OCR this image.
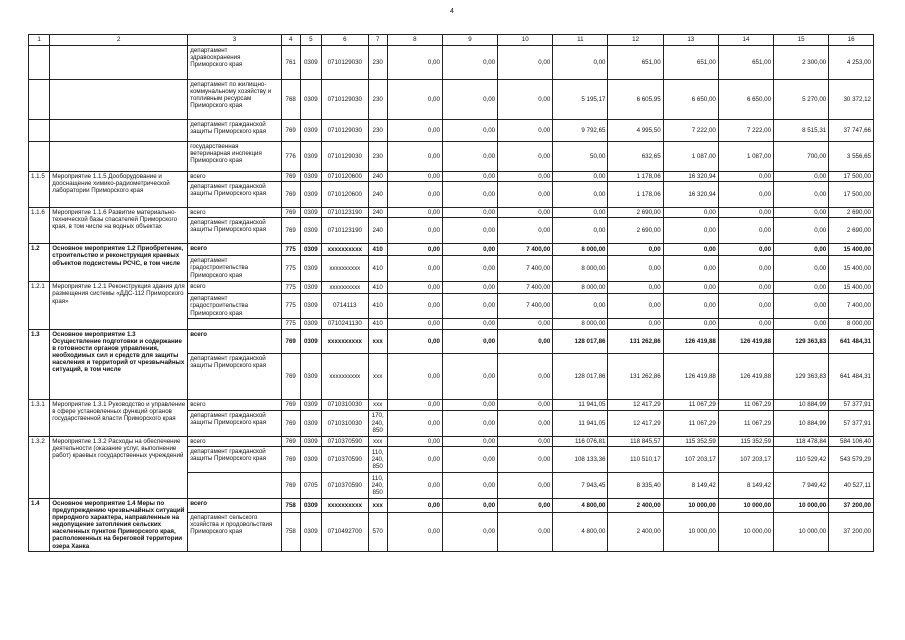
4
1	2	3	4	5	6	7	8	9	10	11	12	13	14	15	16
		департамент здравоохранения Приморского края	761	0309	0710129030	230	0,00	0,00	0,00	0,00	651,00	651,00	651,00	2 300,00	4 253,00
		департамент по жилищно-коммунальному хозяйству и топливным ресурсам Приморского края	768	0309	0710129030	230	0,00	0,00	0,00	5 195,17	6 605,95	6 650,00	6 650,00	5 270,00	30 372,12
		департамент гражданской защиты Приморского края	769	0309	0710129030	230	0,00	0,00	0,00	9 792,65	4 995,50	7 222,00	7 222,00	8 515,31	37 747,66
		государственная ветеринарная инспекция Приморского края	776	0309	0710129030	230	0,00	0,00	0,00	50,00	632,65	1 087,00	1 087,00	700,00	3 556,65
1.1.5	Мероприятие 1.1.5 Дооборудование и дооснащение химико-радиометрической лаборатории Приморского края	всего	769	0309	0710120600	240	0,00	0,00	0,00	0,00	1 178,06	16 320,94	0,00	0,00	17 500,00
		департамент гражданской защиты Приморского края	769	0309	0710120600	240	0,00	0,00	0,00	0,00	1 178,06	16 320,94	0,00	0,00	17 500,00
1.1.6	Мероприятие 1.1.6 Развитие материально-технической базы спасателей Приморского края, в том числе на водных объектах	всего	769	0309	0710123190	240	0,00	0,00	0,00	0,00	2 690,00	0,00	0,00	0,00	2 690,00
		департамент гражданской защиты Приморского края	769	0309	0710123190	240	0,00	0,00	0,00	0,00	2 690,00	0,00	0,00	0,00	2 690,00
1.2	Основное мероприятие 1.2 Приобретение, строительство и реконструкция краевых объектов подсистемы РСЧС, в том числе	всего	775	0309	xxxxxxxxxx	410	0,00	0,00	7 400,00	8 000,00	0,00	0,00	0,00	0,00	15 400,00
		департамент градостроительства Приморского края	775	0309	xxxxxxxxxx	410	0,00	0,00	7 400,00	8 000,00	0,00	0,00	0,00	0,00	15 400,00
1.2.1	Мероприятие 1.2.1 Реконструкция здания для размещения системы «ДДС-112 Приморского края»	всего	775	0309	xxxxxxxxxx	410	0,00	0,00	7 400,00	8 000,00	0,00	0,00	0,00	0,00	15 400,00
		департамент градостроительства Приморского края	775	0309	0714113	410	0,00	0,00	7 400,00	0,00	0,00	0,00	0,00	0,00	7 400,00
			775	0309	0710241130	410	0,00	0,00	0,00	8 000,00	0,00	0,00	0,00	0,00	8 000,00
1.3	Основное мероприятие 1.3 Осуществление подготовки и содержание в готовности органов управления, необходимых сил и средств для защиты населения и территорий от чрезвычайных ситуаций, в том числе	всего	769	0309	xxxxxxxxxx	xxx	0,00	0,00	0,00	128 017,86	131 262,86	126 419,88	126 419,88	129 363,83	641 484,31
		департамент гражданской защиты Приморского края	769	0309	xxxxxxxxxx	xxx	0,00	0,00	0,00	128 017,86	131 262,86	126 419,88	126 419,88	129 363,83	641 484,31
1.3.1	Мероприятие 1.3.1 Руководство и управление в сфере установленных функций органов государственной власти Приморского края	всего	769	0309	0710310030	xxx	0,00	0,00	0,00	11 941,05	12 417,29	11 067,29	11 067,29	10 884,99	57 377,91
		департамент гражданской защиты Приморского края	769	0309	0710310030	170, 240, 850	0,00	0,00	0,00	11 941,05	12 417,29	11 067,29	11 067,29	10 884,99	57 377,91
1.3.2	Мероприятие 1.3.2 Расходы на обеспечение деятельности (оказание услуг, выполнение работ) краевых государственных учреждений	всего	769	0309	0710370590	xxx	0,00	0,00	0,00	116 076,81	118 845,57	115 352,59	115 352,59	118 478,84	584 106,40
		департамент гражданской защиты Приморского края	769	0309	0710370590	110, 240, 850	0,00	0,00	0,00	108 133,36	110 510,17	107 203,17	107 203,17	110 529,42	543 579,29
			769	0705	0710370590	110, 240, 850	0,00	0,00	0,00	7 943,45	8 335,40	8 149,42	8 149,42	7 949,42	40 527,11
1.4	Основное мероприятие 1.4 Меры по предупреждению чрезвычайных ситуаций природного характера, направленные на недопущение затопления сельских населенных пунктов Приморского края, расположенных на береговой территории озера Ханка	всего	758	0309	xxxxxxxxxx	xxx	0,00	0,00	0,00	4 800,00	2 400,00	10 000,00	10 000,00	10 000,00	37 200,00
		департамент сельского хозяйства и продовольствия Приморского края	758	0309	0710492700	570	0,00	0,00	0,00	4 800,00	2 400,00	10 000,00	10 000,00	10 000,00	37 200,00
